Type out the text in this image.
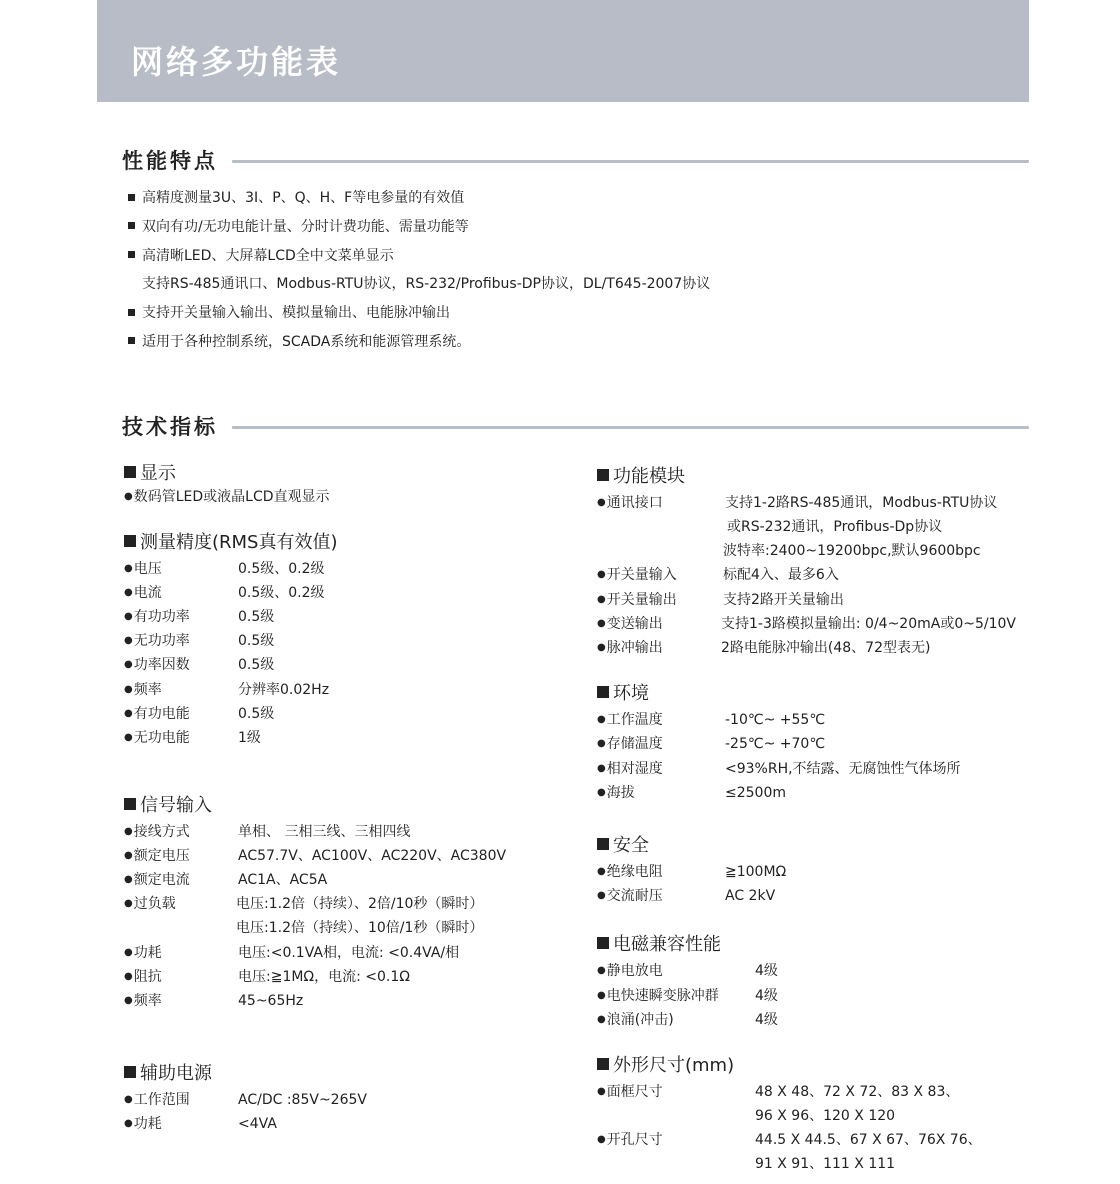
网络多功能表
性能特点
高精度测量3U、3I、P、Q、H、F等电参量的有效值
双向有功/无功电能计量、分时计费功能、需量功能等
高清晰LED、大屏幕LCD全中文菜单显示
支持RS-485通讯口、Modbus-RTU协议，RS-232/Profibus-DP协议，DL/T645-2007协议
支持开关量输入输出、模拟量输出、电能脉冲输出
适用于各种控制系统，SCADA系统和能源管理系统。
技术指标
显示
●数码管LED或液晶LCD直观显示
测量精度(RMS真有效值)
●电压	0.5级、0.2级
●电流	0.5级、0.2级
●有功功率	0.5级
●无功功率	0.5级
●功率因数	0.5级
●频率	分辨率0.02Hz
●有功电能	0.5级
●无功电能	1级
信号输入
●接线方式	单相、 三相三线、三相四线
●额定电压	AC57.7V、AC100V、AC220V、AC380V
●额定电流	AC1A、AC5A
●过负载	电压:1.2倍（持续）、2倍/10秒（瞬时）
电压:1.2倍（持续）、10倍/1秒（瞬时）
●功耗	电压:<0.1VA相，电流: <0.4VA/相
●阻抗	电压:≧1MΩ，电流: <0.1Ω
●频率	45~65Hz
辅助电源
●工作范围	AC/DC :85V~265V
●功耗	<4VA
功能模块
●通讯接口	支持1-2路RS-485通讯，Modbus-RTU协议
或RS-232通讯，Profibus-Dp协议
波特率:2400~19200bpc,默认9600bpc
●开关量输入	标配4入、最多6入
●开关量输出	支持2路开关量输出
●变送输出	支持1-3路模拟量输出: 0/4~20mA或0~5/10V
●脉冲输出	2路电能脉冲输出(48、72型表无)
环境
●工作温度	-10℃~ +55℃
●存储温度	-25℃~ +70℃
●相对湿度	<93%RH,不结露、无腐蚀性气体场所
●海拔	≤2500m
安全
●绝缘电阻	≧100MΩ
●交流耐压	AC 2kV
电磁兼容性能
●静电放电	4级
●电快速瞬变脉冲群	4级
●浪涌(冲击)	4级
外形尺寸(mm)
●面框尺寸	48 X 48、72 X 72、83 X 83、
96 X 96、120 X 120
●开孔尺寸	44.5 X 44.5、67 X 67、76X 76、
91 X 91、111 X 111
